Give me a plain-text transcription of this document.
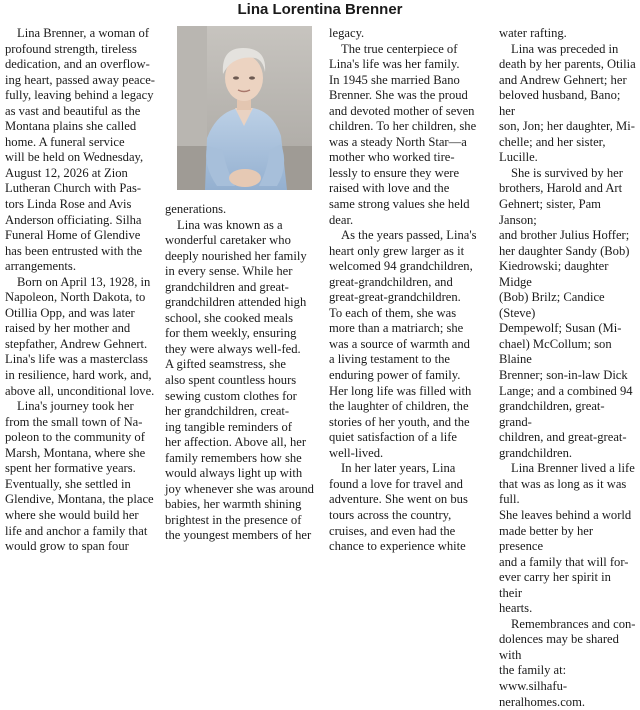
Lina Lorentina Brenner

Lina Brenner, a woman of
profound strength, tireless
dedication, and an overflow-
ing heart, passed away peace-
fully, leaving behind a legacy
as vast and beautiful as the
Montana plains she called
home. A funeral service
will be held on Wednesday,
August 12, 2026 at Zion
Lutheran Church with Pas-
tors Linda Rose and Avis
Anderson officiating. Silha
Funeral Home of Glendive
has been entrusted with the
arrangements.

Born on April 13, 1928, in
Napoleon, North Dakota, to
Otillia Opp, and was later
raised by her mother and
stepfather, Andrew Gehnert.
Lina's life was a masterclass
in resilience, hard work, and,
above all, unconditional love.

Lina's journey took her
from the small town of Na-
poleon to the community of
Marsh, Montana, where she
spent her formative years.
Eventually, she settled in
Glendive, Montana, the place
where she would build her
life and anchor a family that
would grow to span four

generations.

Lina was known as a
wonderful caretaker who
deeply nourished her family
in every sense. While her
grandchildren and great-
grandchildren attended high
school, she cooked meals
for them weekly, ensuring
they were always well-fed.
A gifted seamstress, she
also spent countless hours
sewing custom clothes for
her grandchildren, creat-
ing tangible reminders of
her affection. Above all, her
family remembers how she
would always light up with
joy whenever she was around
babies, her warmth shining
brightest in the presence of
the youngest members of her

legacy.

The true centerpiece of
Lina's life was her family.
In 1945 she married Bano
Brenner. She was the proud
and devoted mother of seven
children. To her children, she
was a steady North Star—a
mother who worked tire-
lessly to ensure they were
raised with love and the
same strong values she held
dear.

As the years passed, Lina's
heart only grew larger as it
welcomed 94 grandchildren,
great-grandchildren, and
great-great-grandchildren.
To each of them, she was
more than a matriarch; she
was a source of warmth and
a living testament to the
enduring power of family.
Her long life was filled with
the laughter of children, the
stories of her youth, and the
quiet satisfaction of a life
well-lived.

In her later years, Lina
found a love for travel and
adventure. She went on bus
tours across the country,
cruises, and even had the
chance to experience white

water rafting.

Lina was preceded in
death by her parents, Otilia
and Andrew Gehnert; her
beloved husband, Bano; her
son, Jon; her daughter, Mi-
chelle; and her sister, Lucille.

She is survived by her
brothers, Harold and Art
Gehnert; sister, Pam Janson;
and brother Julius Hoffer;
her daughter Sandy (Bob)
Kiedrowski; daughter Midge
(Bob) Brilz; Candice (Steve)
Dempewolf; Susan (Mi-
chael) McCollum; son Blaine
Brenner; son-in-law Dick
Lange; and a combined 94
grandchildren, great-grand-
children, and great-great-
grandchildren.

Lina Brenner lived a life
that was as long as it was full.
She leaves behind a world
made better by her presence
and a family that will for-
ever carry her spirit in their
hearts.

Remembrances and con-
dolences may be shared with
the family at: www.silhafu-
neralhomes.com.
